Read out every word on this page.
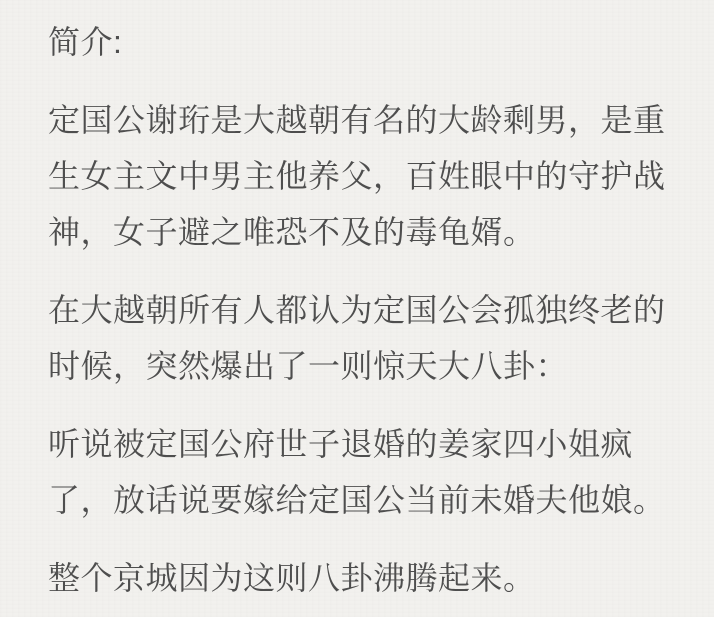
简介:
定国公谢珩是大越朝有名的大龄剩男，是重
生女主文中男主他养父，百姓眼中的守护战
神，女子避之唯恐不及的毒龟婿。
在大越朝所有人都认为定国公会孤独终老的
时候，突然爆出了一则惊天大八卦：
听说被定国公府世子退婚的姜家四小姐疯
了，放话说要嫁给定国公当前未婚夫他娘。
整个京城因为这则八卦沸腾起来。
